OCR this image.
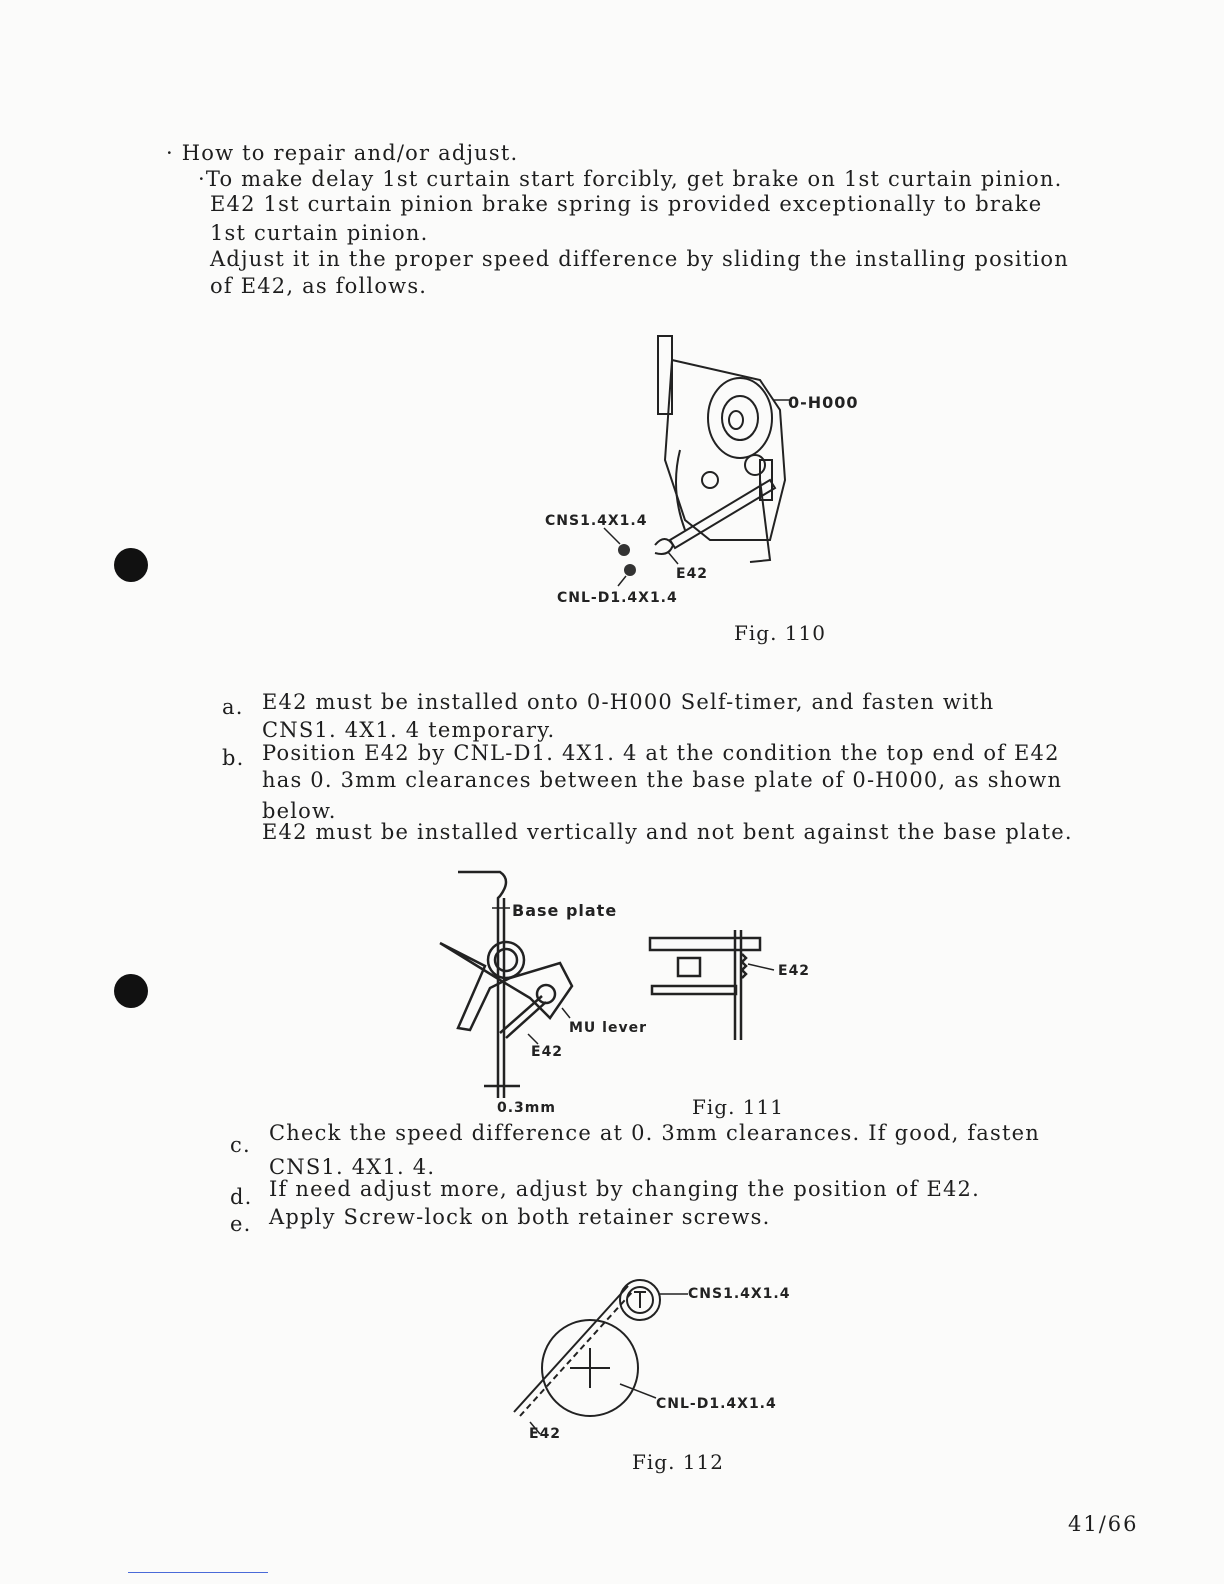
· How to repair and/or adjust.
·To make delay 1st curtain start forcibly, get brake on 1st curtain pinion.
E42 1st curtain pinion brake spring is provided exceptionally to brake
1st curtain pinion.
Adjust it in the proper speed difference by sliding the installing position
of E42, as follows.
0-H000
CNS1.4X1.4
E42
CNL-D1.4X1.4
Fig. 110
a. E42 must be installed onto 0-H000 Self-timer, and fasten with
CNS1. 4X1. 4 temporary.
b. Position E42 by CNL-D1. 4X1. 4 at the condition the top end of E42
has 0. 3mm clearances between the base plate of 0-H000, as shown
below.
E42 must be installed vertically and not bent against the base plate.
Base plate
E42
MU lever
E42
0.3mm	Fig. 111
c. Check the speed difference at 0. 3mm clearances. If good, fasten
CNS1. 4X1. 4.
d. If need adjust more, adjust by changing the position of E42.
e. Apply Screw-lock on both retainer screws.
CNS1.4X1.4
CNL-D1.4X1.4
E42
Fig. 112
41/66
